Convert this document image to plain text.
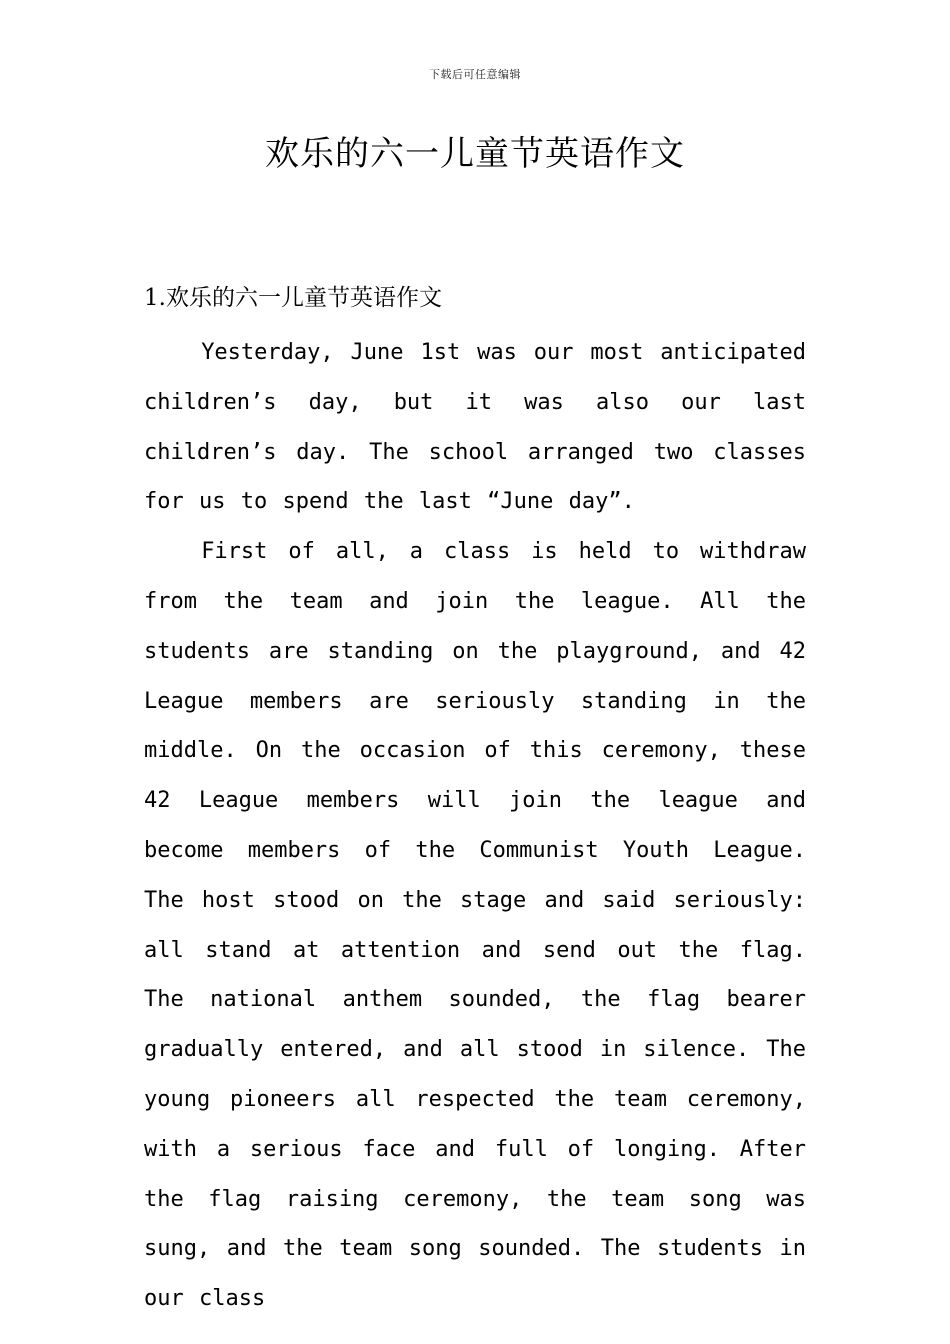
下载后可任意编辑
欢乐的六一儿童节英语作文
1.欢乐的六一儿童节英语作文

Yesterday, June 1st was our most anticipated children’s day, but it was also our last children’s day. The school arranged two classes for us to spend the last “June day”.

First of all, a class is held to withdraw from the team and join the league. All the students are standing on the playground, and 42 League members are seriously standing in the middle. On the occasion of this ceremony, these 42 League members will join the league and become members of the Communist Youth League. The host stood on the stage and said seriously: all stand at attention and send out the flag. The national anthem sounded, the flag bearer gradually entered, and all stood in silence. The young pioneers all respected the team ceremony, with a serious face and full of longing. After the flag raising ceremony, the team song was sung, and the team song sounded. The students in our class
